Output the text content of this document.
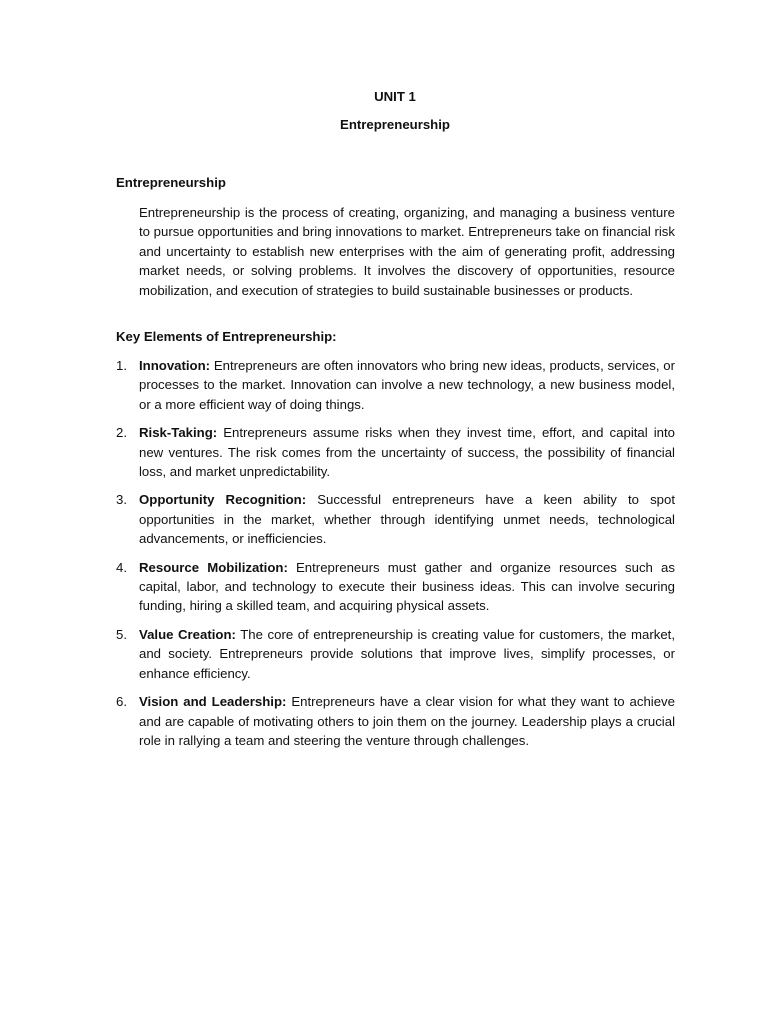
UNIT 1
Entrepreneurship
Entrepreneurship

Entrepreneurship is the process of creating, organizing, and managing a business venture to pursue opportunities and bring innovations to market. Entrepreneurs take on financial risk and uncertainty to establish new enterprises with the aim of generating profit, addressing market needs, or solving problems. It involves the discovery of opportunities, resource mobilization, and execution of strategies to build sustainable businesses or products.

Key Elements of Entrepreneurship:
1. Innovation: Entrepreneurs are often innovators who bring new ideas, products, services, or processes to the market. Innovation can involve a new technology, a new business model, or a more efficient way of doing things.
2. Risk-Taking: Entrepreneurs assume risks when they invest time, effort, and capital into new ventures. The risk comes from the uncertainty of success, the possibility of financial loss, and market unpredictability.
3. Opportunity Recognition: Successful entrepreneurs have a keen ability to spot opportunities in the market, whether through identifying unmet needs, technological advancements, or inefficiencies.
4. Resource Mobilization: Entrepreneurs must gather and organize resources such as capital, labor, and technology to execute their business ideas. This can involve securing funding, hiring a skilled team, and acquiring physical assets.
5. Value Creation: The core of entrepreneurship is creating value for customers, the market, and society. Entrepreneurs provide solutions that improve lives, simplify processes, or enhance efficiency.
6. Vision and Leadership: Entrepreneurs have a clear vision for what they want to achieve and are capable of motivating others to join them on the journey. Leadership plays a crucial role in rallying a team and steering the venture through challenges.
